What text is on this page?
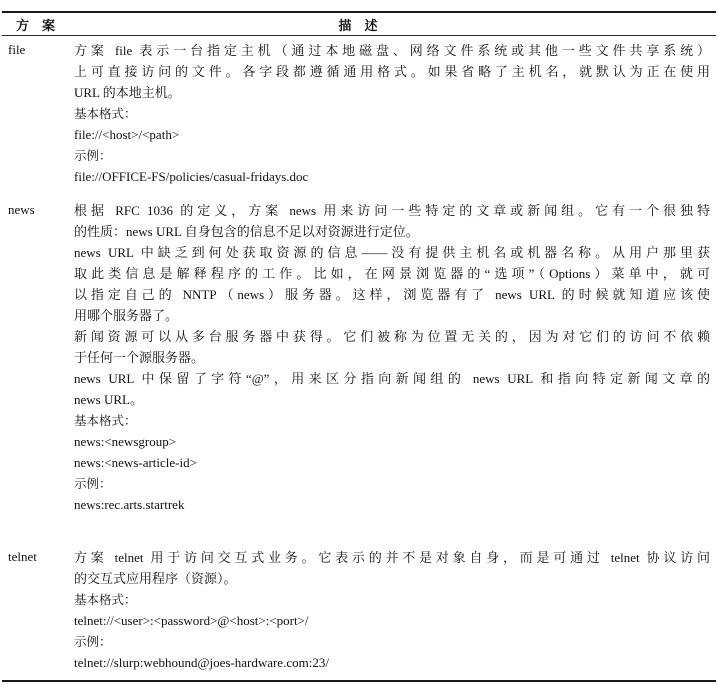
方　案	描　述
file	方案 file 表示一台指定主机（通过本地磁盘、网络文件系统或其他一些文件共享系统）
上可直接访问的文件。各字段都遵循通用格式。如果省略了主机名，就默认为正在使用
URL 的本地主机。
基本格式：
file://<host>/<path>
示例：
file://OFFICE-FS/policies/casual-fridays.doc
news	根据 RFC 1036 的定义，方案 news 用来访问一些特定的文章或新闻组。它有一个很独特
的性质：news URL 自身包含的信息不足以对资源进行定位。
news URL 中缺乏到何处获取资源的信息——没有提供主机名或机器名称。从用户那里获
取此类信息是解释程序的工作。比如，在网景浏览器的“选项”（Options）菜单中，就可
以指定自己的 NNTP（news）服务器。这样，浏览器有了 news URL 的时候就知道应该使
用哪个服务器了。
新闻资源可以从多台服务器中获得。它们被称为位置无关的，因为对它们的访问不依赖
于任何一个源服务器。
news URL 中保留了字符“@”，用来区分指向新闻组的 news URL 和指向特定新闻文章的
news URL。
基本格式：
news:<newsgroup>
news:<news-article-id>
示例：
news:rec.arts.startrek
telnet	方案 telnet 用于访问交互式业务。它表示的并不是对象自身，而是可通过 telnet 协议访问
的交互式应用程序（资源）。
基本格式：
telnet://<user>:<password>@<host>:<port>/
示例：
telnet://slurp:webhound@joes-hardware.com:23/
